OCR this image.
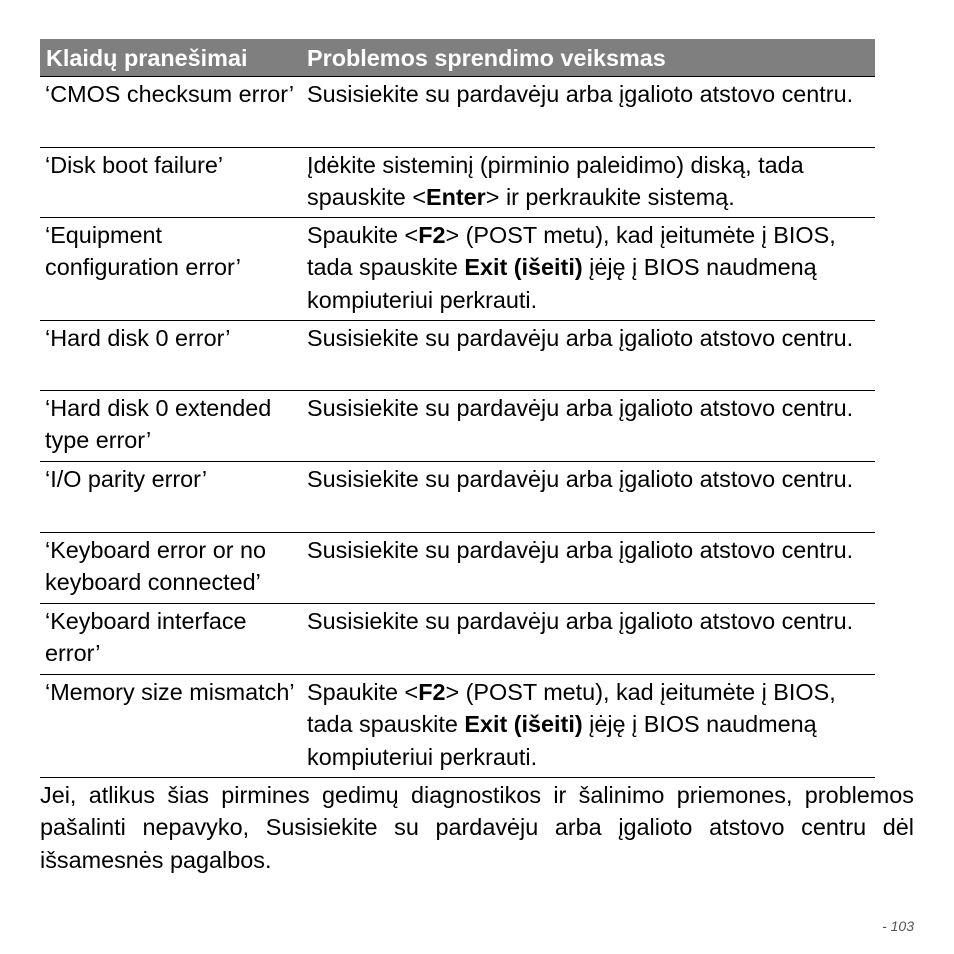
Klaidų pranešimai	Problemos sprendimo veiksmas

‘CMOS checksum error’	Susisiekite su pardavėju arba įgalioto atstovo centru.

‘Disk boot failure’	Įdėkite sisteminį (pirminio paleidimo) diską, tada spauskite <Enter> ir perkraukite sistemą.

‘Equipment configuration error’	Spaukite <F2> (POST metu), kad įeitumėte į BIOS, tada spauskite Exit (išeiti) įėję į BIOS naudmeną kompiuteriui perkrauti.

‘Hard disk 0 error’	Susisiekite su pardavėju arba įgalioto atstovo centru.

‘Hard disk 0 extended type error’	Susisiekite su pardavėju arba įgalioto atstovo centru.

‘I/O parity error’	Susisiekite su pardavėju arba įgalioto atstovo centru.

‘Keyboard error or no keyboard connected’	Susisiekite su pardavėju arba įgalioto atstovo centru.

‘Keyboard interface error’	Susisiekite su pardavėju arba įgalioto atstovo centru.

‘Memory size mismatch’	Spaukite <F2> (POST metu), kad įeitumėte į BIOS, tada spauskite Exit (išeiti) įėję į BIOS naudmeną kompiuteriui perkrauti.

Jei, atlikus šias pirmines gedimų diagnostikos ir šalinimo priemones, problemos pašalinti nepavyko, Susisiekite su pardavėju arba įgalioto atstovo centru dėl išsamesnės pagalbos.

- 103
